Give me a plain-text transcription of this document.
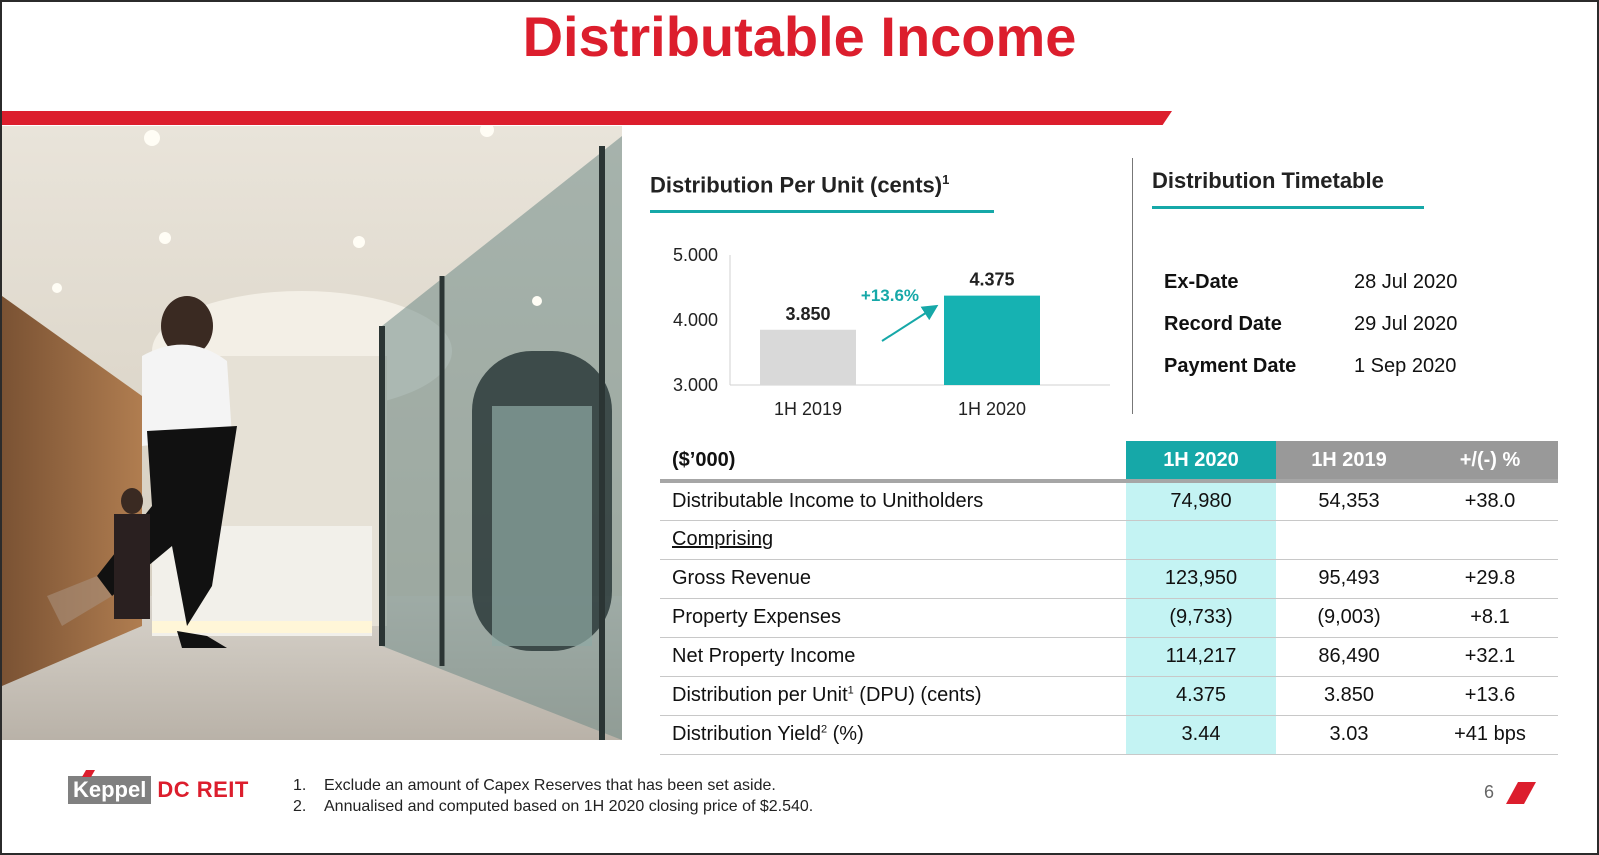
Distributable Income
Distribution Per Unit (cents)$^1$
3.000
4.000
5.000
3.850
1H 2019
4.375
1H 2020
+13.6%
Distribution Timetable
Ex-Date	28 Jul 2020
Record Date	29 Jul 2020
Payment Date	1 Sep 2020
($’000)	1H 2020	1H 2019	+/(-) %
Distributable Income to Unitholders	74,980	54,353	+38.0
Comprising			
Gross Revenue	123,950	95,493	+29.8
Property Expenses	(9,733)	(9,003)	+8.1
Net Property Income	114,217	86,490	+32.1
Distribution per Unit$^1$ (DPU) (cents)	4.375	3.850	+13.6
Distribution Yield$^2$ (%)	3.44	3.03	+41 bps
Keppel DC REIT	1.	Exclude an amount of Capex Reserves that has been set aside.
2.	Annualised and computed based on 1H 2020 closing price of $2.540.
6
